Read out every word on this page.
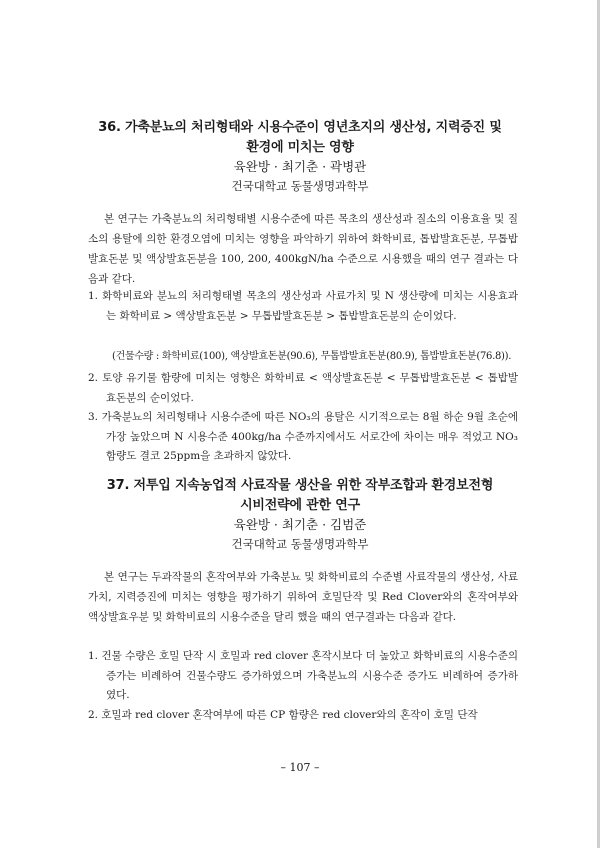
36. 가축분뇨의 처리형태와 시용수준이 영년초지의 생산성, 지력증진 및
환경에 미치는 영향
육완방 · 최기춘 · 곽병관
건국대학교 동물생명과학부

본 연구는 가축분뇨의 처리형태별 시용수준에 따른 목초의 생산성과 질소의 이용효율 및 질소의 용탈에 의한 환경오염에 미치는 영향을 파악하기 위하여 화학비료, 톱밥발효돈분, 무톱밥발효돈분 및 액상발효돈분을 100, 200, 400kgN/ha 수준으로 시용했을 때의 연구 결과는 다음과 같다.

1. 화학비료와 분뇨의 처리형태별 목초의 생산성과 사료가치 및 N 생산량에 미치는 시용효과는 화학비료 > 액상발효돈분 > 무톱밥발효돈분 > 톱밥발효돈분의 순이었다.

(건물수량 : 화학비료(100), 액상발효돈분(90.6), 무톱밥발효돈분(80.9), 톱밥발효돈분(76.8)).

2. 토양 유기물 함량에 미치는 영향은 화학비료 < 액상발효돈분 < 무톱밥발효돈분 < 톱밥발효돈분의 순이었다.

3. 가축분뇨의 처리형태나 시용수준에 따른 NO₃의 용탈은 시기적으로는 8월 하순 9월 초순에 가장 높았으며 N 시용수준 400kg/ha 수준까지에서도 서로간에 차이는 매우 적었고 NO₃ 함량도 결코 25ppm을 초과하지 않았다.

37. 저투입 지속농업적 사료작물 생산을 위한 작부조합과 환경보전형
시비전략에 관한 연구
육완방 · 최기춘 · 김범준
건국대학교 동물생명과학부

본 연구는 두과작물의 혼작여부와 가축분뇨 및 화학비료의 수준별 사료작물의 생산성, 사료가치, 지력증진에 미치는 영향을 평가하기 위하여 호밀단작 및 Red Clover와의 혼작여부와 액상발효우분 및 화학비료의 시용수준을 달리 했을 때의 연구결과는 다음과 같다.

1. 건물 수량은 호밀 단작 시 호밀과 red clover 혼작시보다 더 높았고 화학비료의 시용수준의 증가는 비례하여 건물수량도 증가하였으며 가축분뇨의 시용수준 증가도 비례하여 증가하였다.

2. 호밀과 red clover 혼작여부에 따른 CP 함량은 red clover와의 혼작이 호밀 단작

– 107 –
